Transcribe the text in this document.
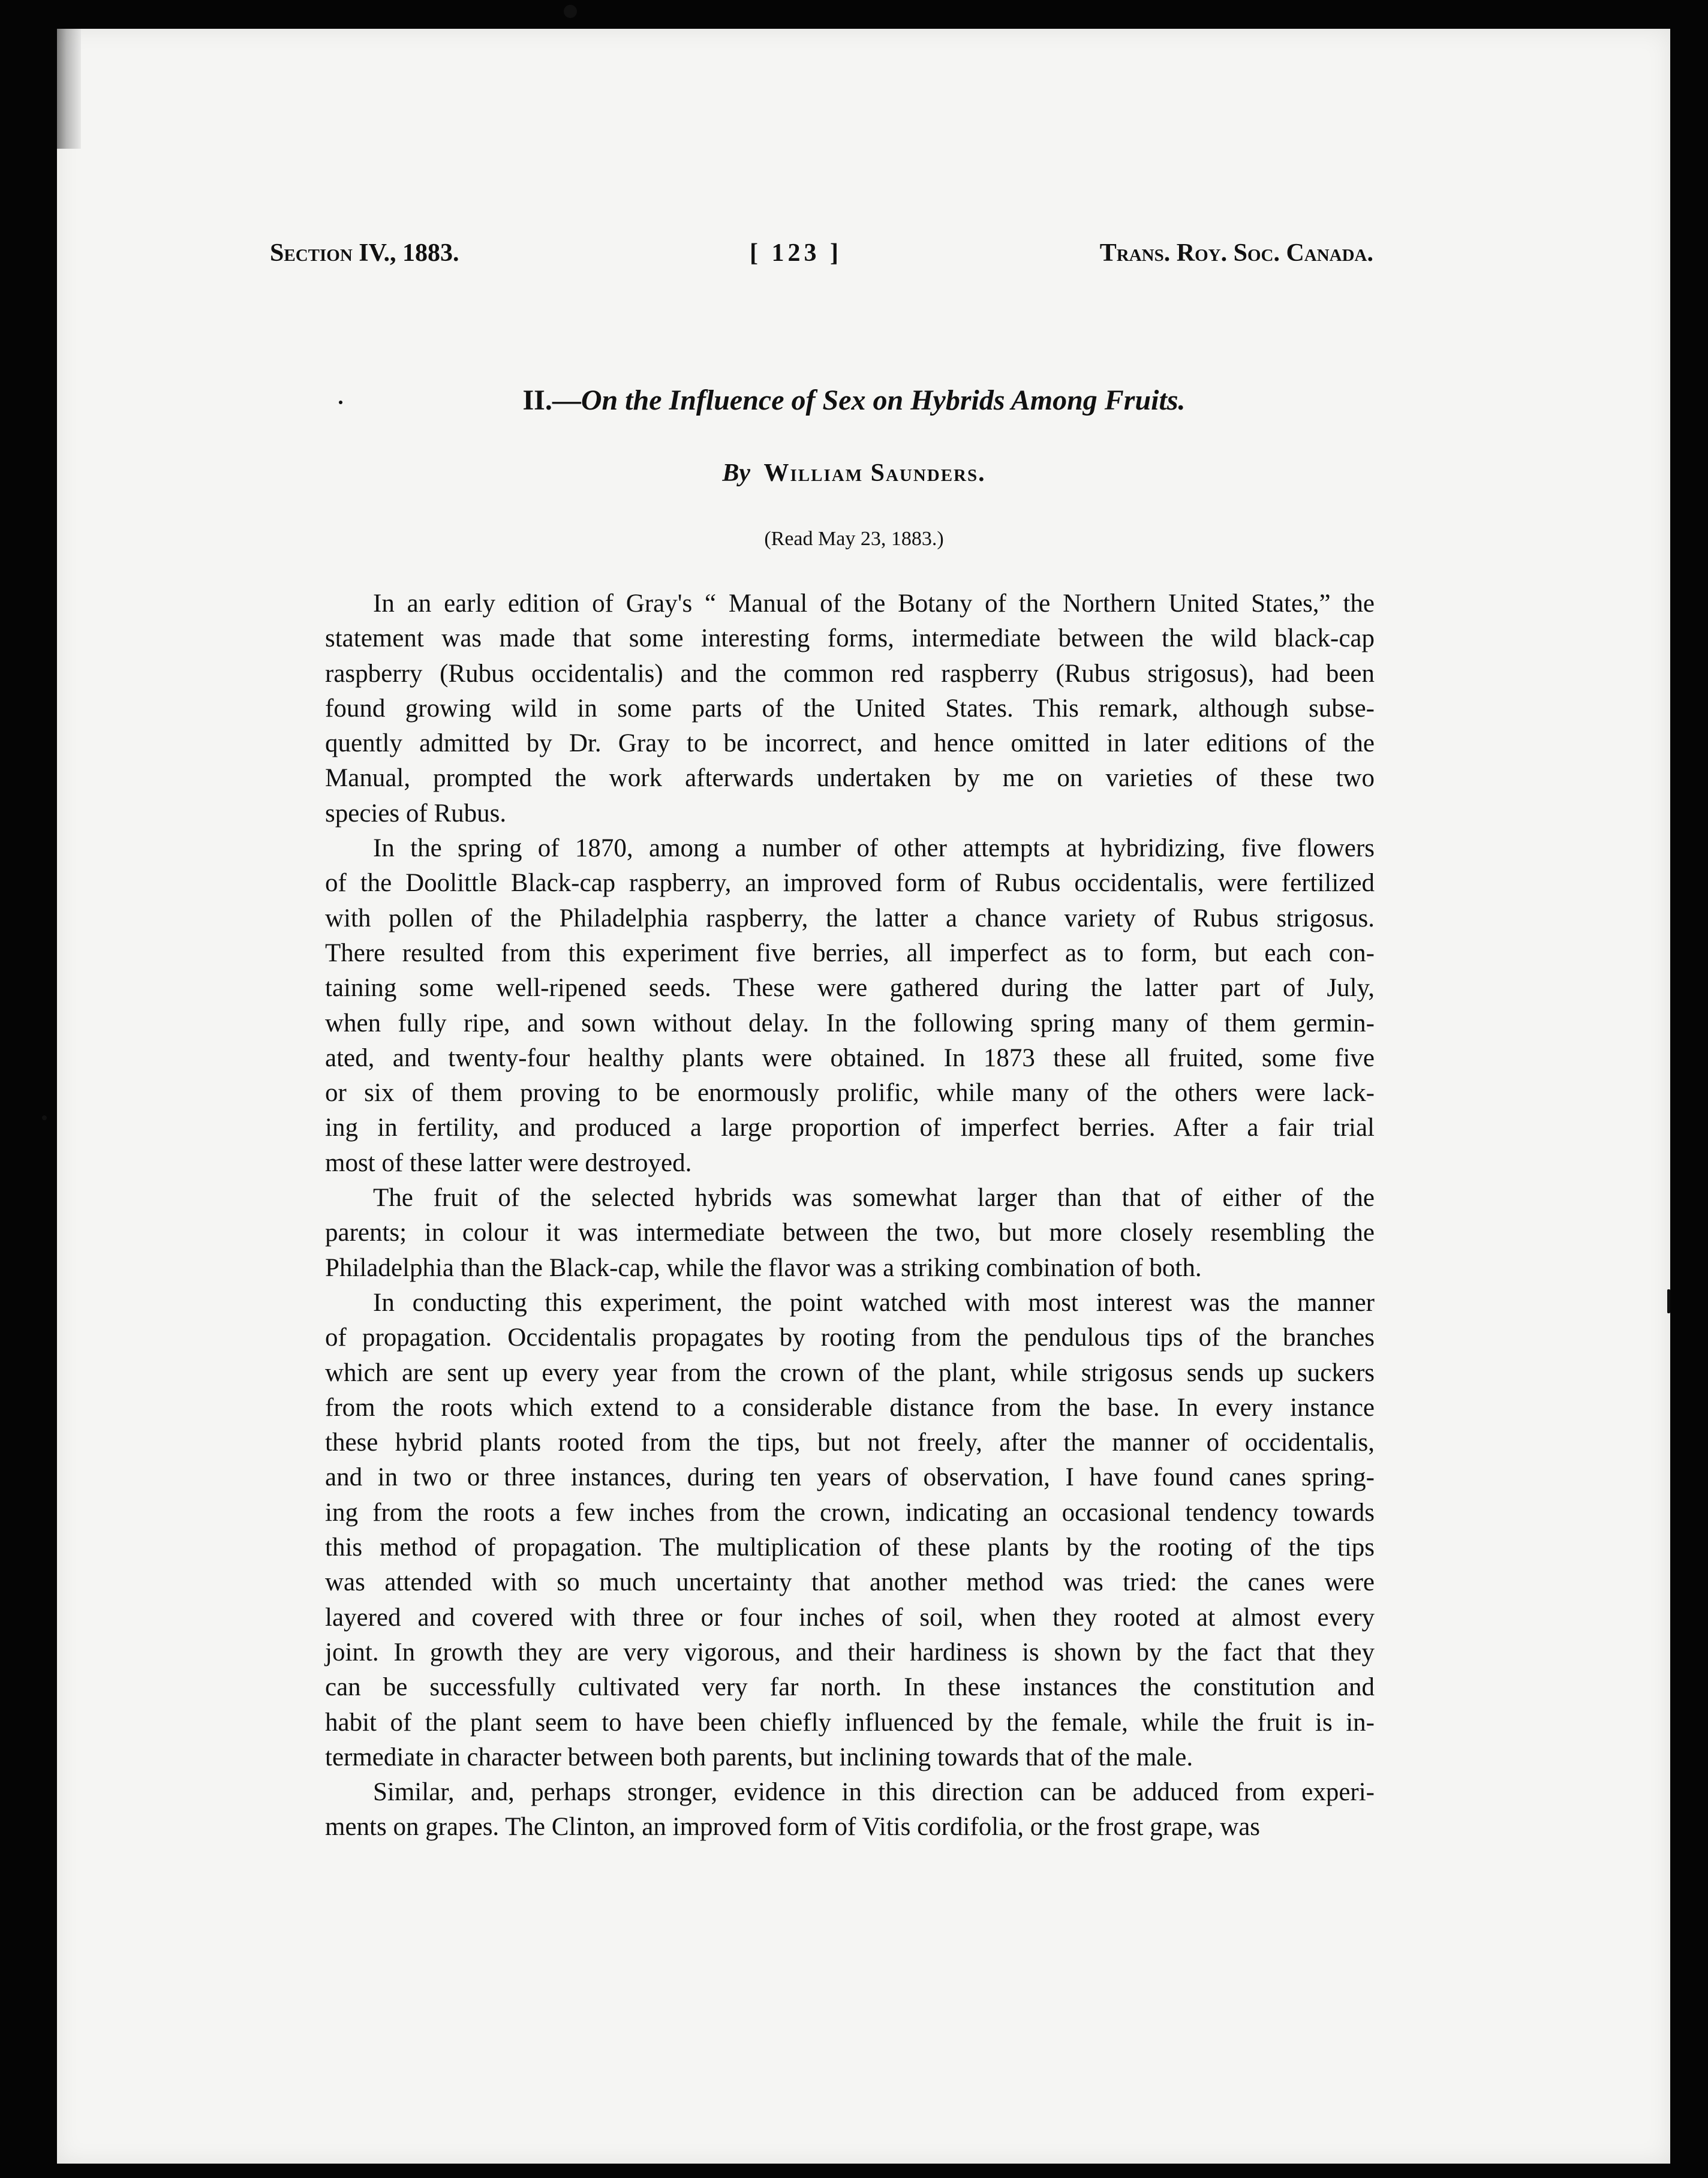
Section IV., 1883.	[ 123 ]	Trans. Roy. Soc. Canada.
II.—On the Influence of Sex on Hybrids Among Fruits.
By William Saunders.
(Read May 23, 1883.)
In an early edition of Gray's “ Manual of the Botany of the Northern United States,” the
statement was made that some interesting forms, intermediate between the wild black-cap
raspberry (Rubus occidentalis) and the common red raspberry (Rubus strigosus), had been
found growing wild in some parts of the United States. This remark, although subse-
quently admitted by Dr. Gray to be incorrect, and hence omitted in later editions of the
Manual, prompted the work afterwards undertaken by me on varieties of these two
species of Rubus.
In the spring of 1870, among a number of other attempts at hybridizing, five flowers
of the Doolittle Black-cap raspberry, an improved form of Rubus occidentalis, were fertilized
with pollen of the Philadelphia raspberry, the latter a chance variety of Rubus strigosus.
There resulted from this experiment five berries, all imperfect as to form, but each con-
taining some well-ripened seeds. These were gathered during the latter part of July,
when fully ripe, and sown without delay. In the following spring many of them germin-
ated, and twenty-four healthy plants were obtained. In 1873 these all fruited, some five
or six of them proving to be enormously prolific, while many of the others were lack-
ing in fertility, and produced a large proportion of imperfect berries. After a fair trial
most of these latter were destroyed.
The fruit of the selected hybrids was somewhat larger than that of either of the
parents; in colour it was intermediate between the two, but more closely resembling the
Philadelphia than the Black-cap, while the flavor was a striking combination of both.
In conducting this experiment, the point watched with most interest was the manner
of propagation. Occidentalis propagates by rooting from the pendulous tips of the branches
which are sent up every year from the crown of the plant, while strigosus sends up suckers
from the roots which extend to a considerable distance from the base. In every instance
these hybrid plants rooted from the tips, but not freely, after the manner of occidentalis,
and in two or three instances, during ten years of observation, I have found canes spring-
ing from the roots a few inches from the crown, indicating an occasional tendency towards
this method of propagation. The multiplication of these plants by the rooting of the tips
was attended with so much uncertainty that another method was tried: the canes were
layered and covered with three or four inches of soil, when they rooted at almost every
joint. In growth they are very vigorous, and their hardiness is shown by the fact that they
can be successfully cultivated very far north. In these instances the constitution and
habit of the plant seem to have been chiefly influenced by the female, while the fruit is in-
termediate in character between both parents, but inclining towards that of the male.
Similar, and, perhaps stronger, evidence in this direction can be adduced from experi-
ments on grapes. The Clinton, an improved form of Vitis cordifolia, or the frost grape, was
